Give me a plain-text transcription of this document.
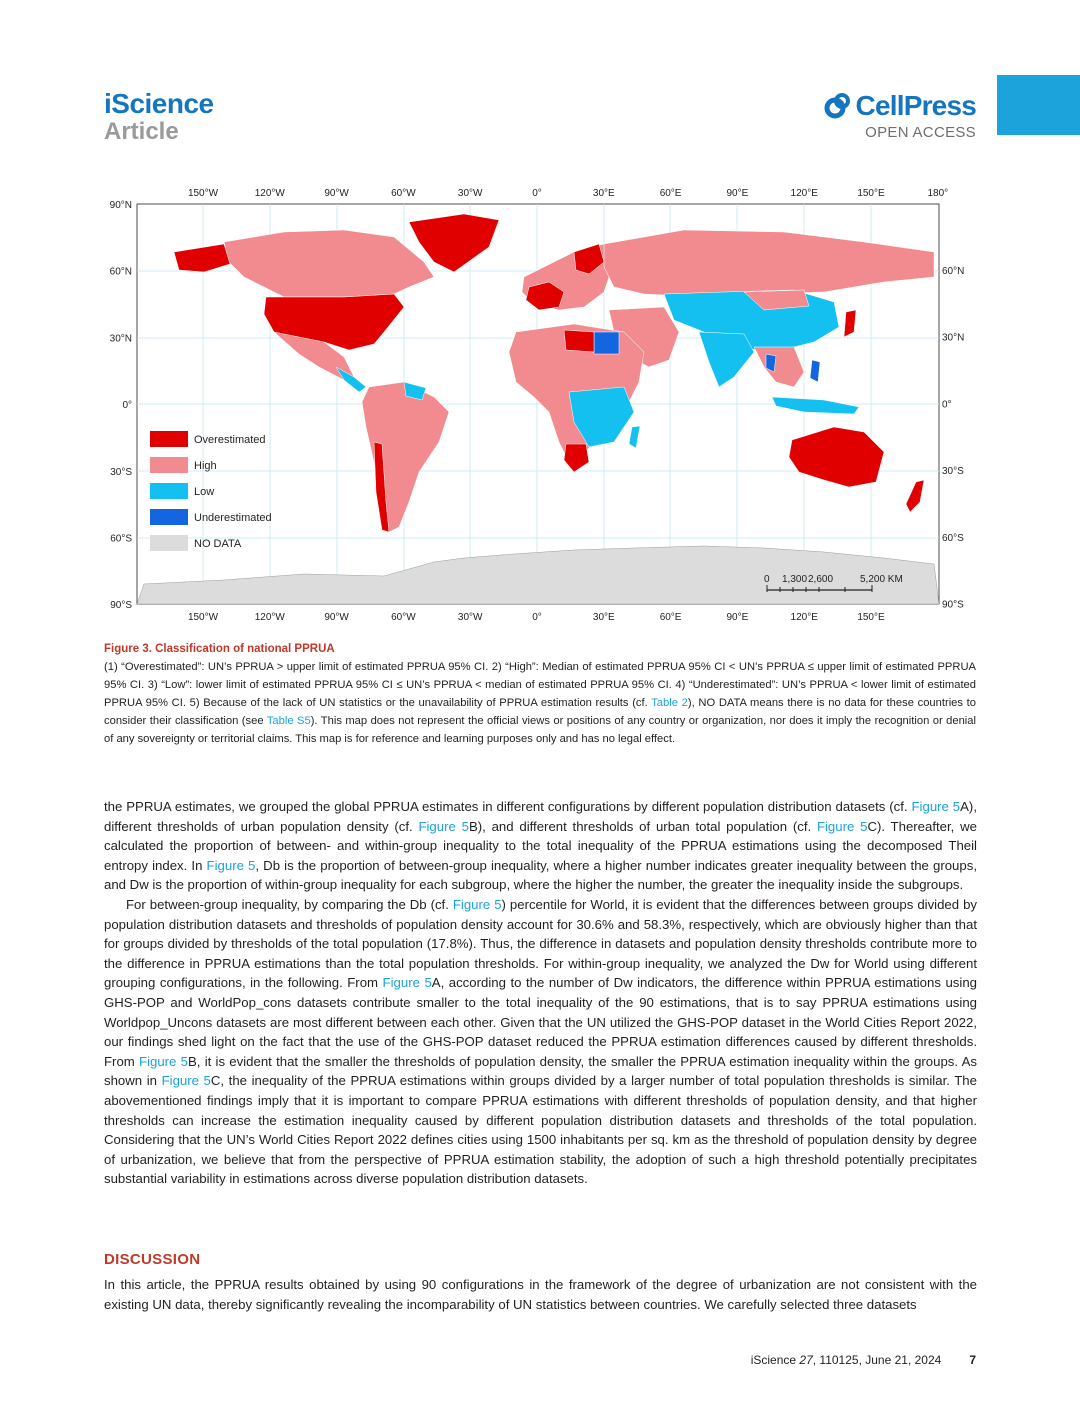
iScience
Article
CellPress
OPEN ACCESS
Overestimated
High
Low
Underestimated
NO DATA
0 1,300 2,600	5,200 KM
150°W	120°W	90°W	60°W	30°W	0°	30°E	60°E	90°E	120°E	150°E	180°
150°W	120°W	90°W	60°W	30°W	0°	30°E	60°E	90°E	120°E	150°E
90°N
60°N
30°N
0°
30°S
60°S
90°S
60°N
30°N
0°
30°S
60°S
90°S
Figure 3. Classification of national PPRUA

(1) “Overestimated”: UN’s PPRUA > upper limit of estimated PPRUA 95% CI. 2) “High”: Median of estimated PPRUA 95% CI < UN’s PPRUA ≤ upper limit of estimated PPRUA 95% CI. 3) “Low”: lower limit of estimated PPRUA 95% CI ≤ UN’s PPRUA < median of estimated PPRUA 95% CI. 4) “Underestimated”: UN’s PPRUA < lower limit of estimated PPRUA 95% CI. 5) Because of the lack of UN statistics or the unavailability of PPRUA estimation results (cf. Table 2), NO DATA means there is no data for these countries to consider their classification (see Table S5). This map does not represent the official views or positions of any country or organization, nor does it imply the recognition or denial of any sovereignty or territorial claims. This map is for reference and learning purposes only and has no legal effect.

the PPRUA estimates, we grouped the global PPRUA estimates in different configurations by different population distribution datasets (cf. Figure 5A), different thresholds of urban population density (cf. Figure 5B), and different thresholds of urban total population (cf. Figure 5C). Thereafter, we calculated the proportion of between- and within-group inequality to the total inequality of the PPRUA estimations using the decomposed Theil entropy index. In Figure 5, Db is the proportion of between-group inequality, where a higher number indicates greater inequality between the groups, and Dw is the proportion of within-group inequality for each subgroup, where the higher the number, the greater the inequality inside the subgroups.

For between-group inequality, by comparing the Db (cf. Figure 5) percentile for World, it is evident that the differences between groups divided by population distribution datasets and thresholds of population density account for 30.6% and 58.3%, respectively, which are obviously higher than that for groups divided by thresholds of the total population (17.8%). Thus, the difference in datasets and population density thresholds contribute more to the difference in PPRUA estimations than the total population thresholds. For within-group inequality, we analyzed the Dw for World using different grouping configurations, in the following. From Figure 5A, according to the number of Dw indicators, the difference within PPRUA estimations using GHS-POP and WorldPop_cons datasets contribute smaller to the total inequality of the 90 estimations, that is to say PPRUA estimations using Worldpop_Uncons datasets are most different between each other. Given that the UN utilized the GHS-POP dataset in the World Cities Report 2022, our findings shed light on the fact that the use of the GHS-POP dataset reduced the PPRUA estimation differences caused by different thresholds. From Figure 5B, it is evident that the smaller the thresholds of population density, the smaller the PPRUA estimation inequality within the groups. As shown in Figure 5C, the inequality of the PPRUA estimations within groups divided by a larger number of total population thresholds is similar. The abovementioned findings imply that it is important to compare PPRUA estimations with different thresholds of population density, and that higher thresholds can increase the estimation inequality caused by different population distribution datasets and thresholds of the total population. Considering that the UN’s World Cities Report 2022 defines cities using 1500 inhabitants per sq. km as the threshold of population density by degree of urbanization, we believe that from the perspective of PPRUA estimation stability, the adoption of such a high threshold potentially precipitates substantial variability in estimations across diverse population distribution datasets.

DISCUSSION

In this article, the PPRUA results obtained by using 90 configurations in the framework of the degree of urbanization are not consistent with the existing UN data, thereby significantly revealing the incomparability of UN statistics between countries. We carefully selected three datasets

iScience 27, 110125, June 21, 2024 7
